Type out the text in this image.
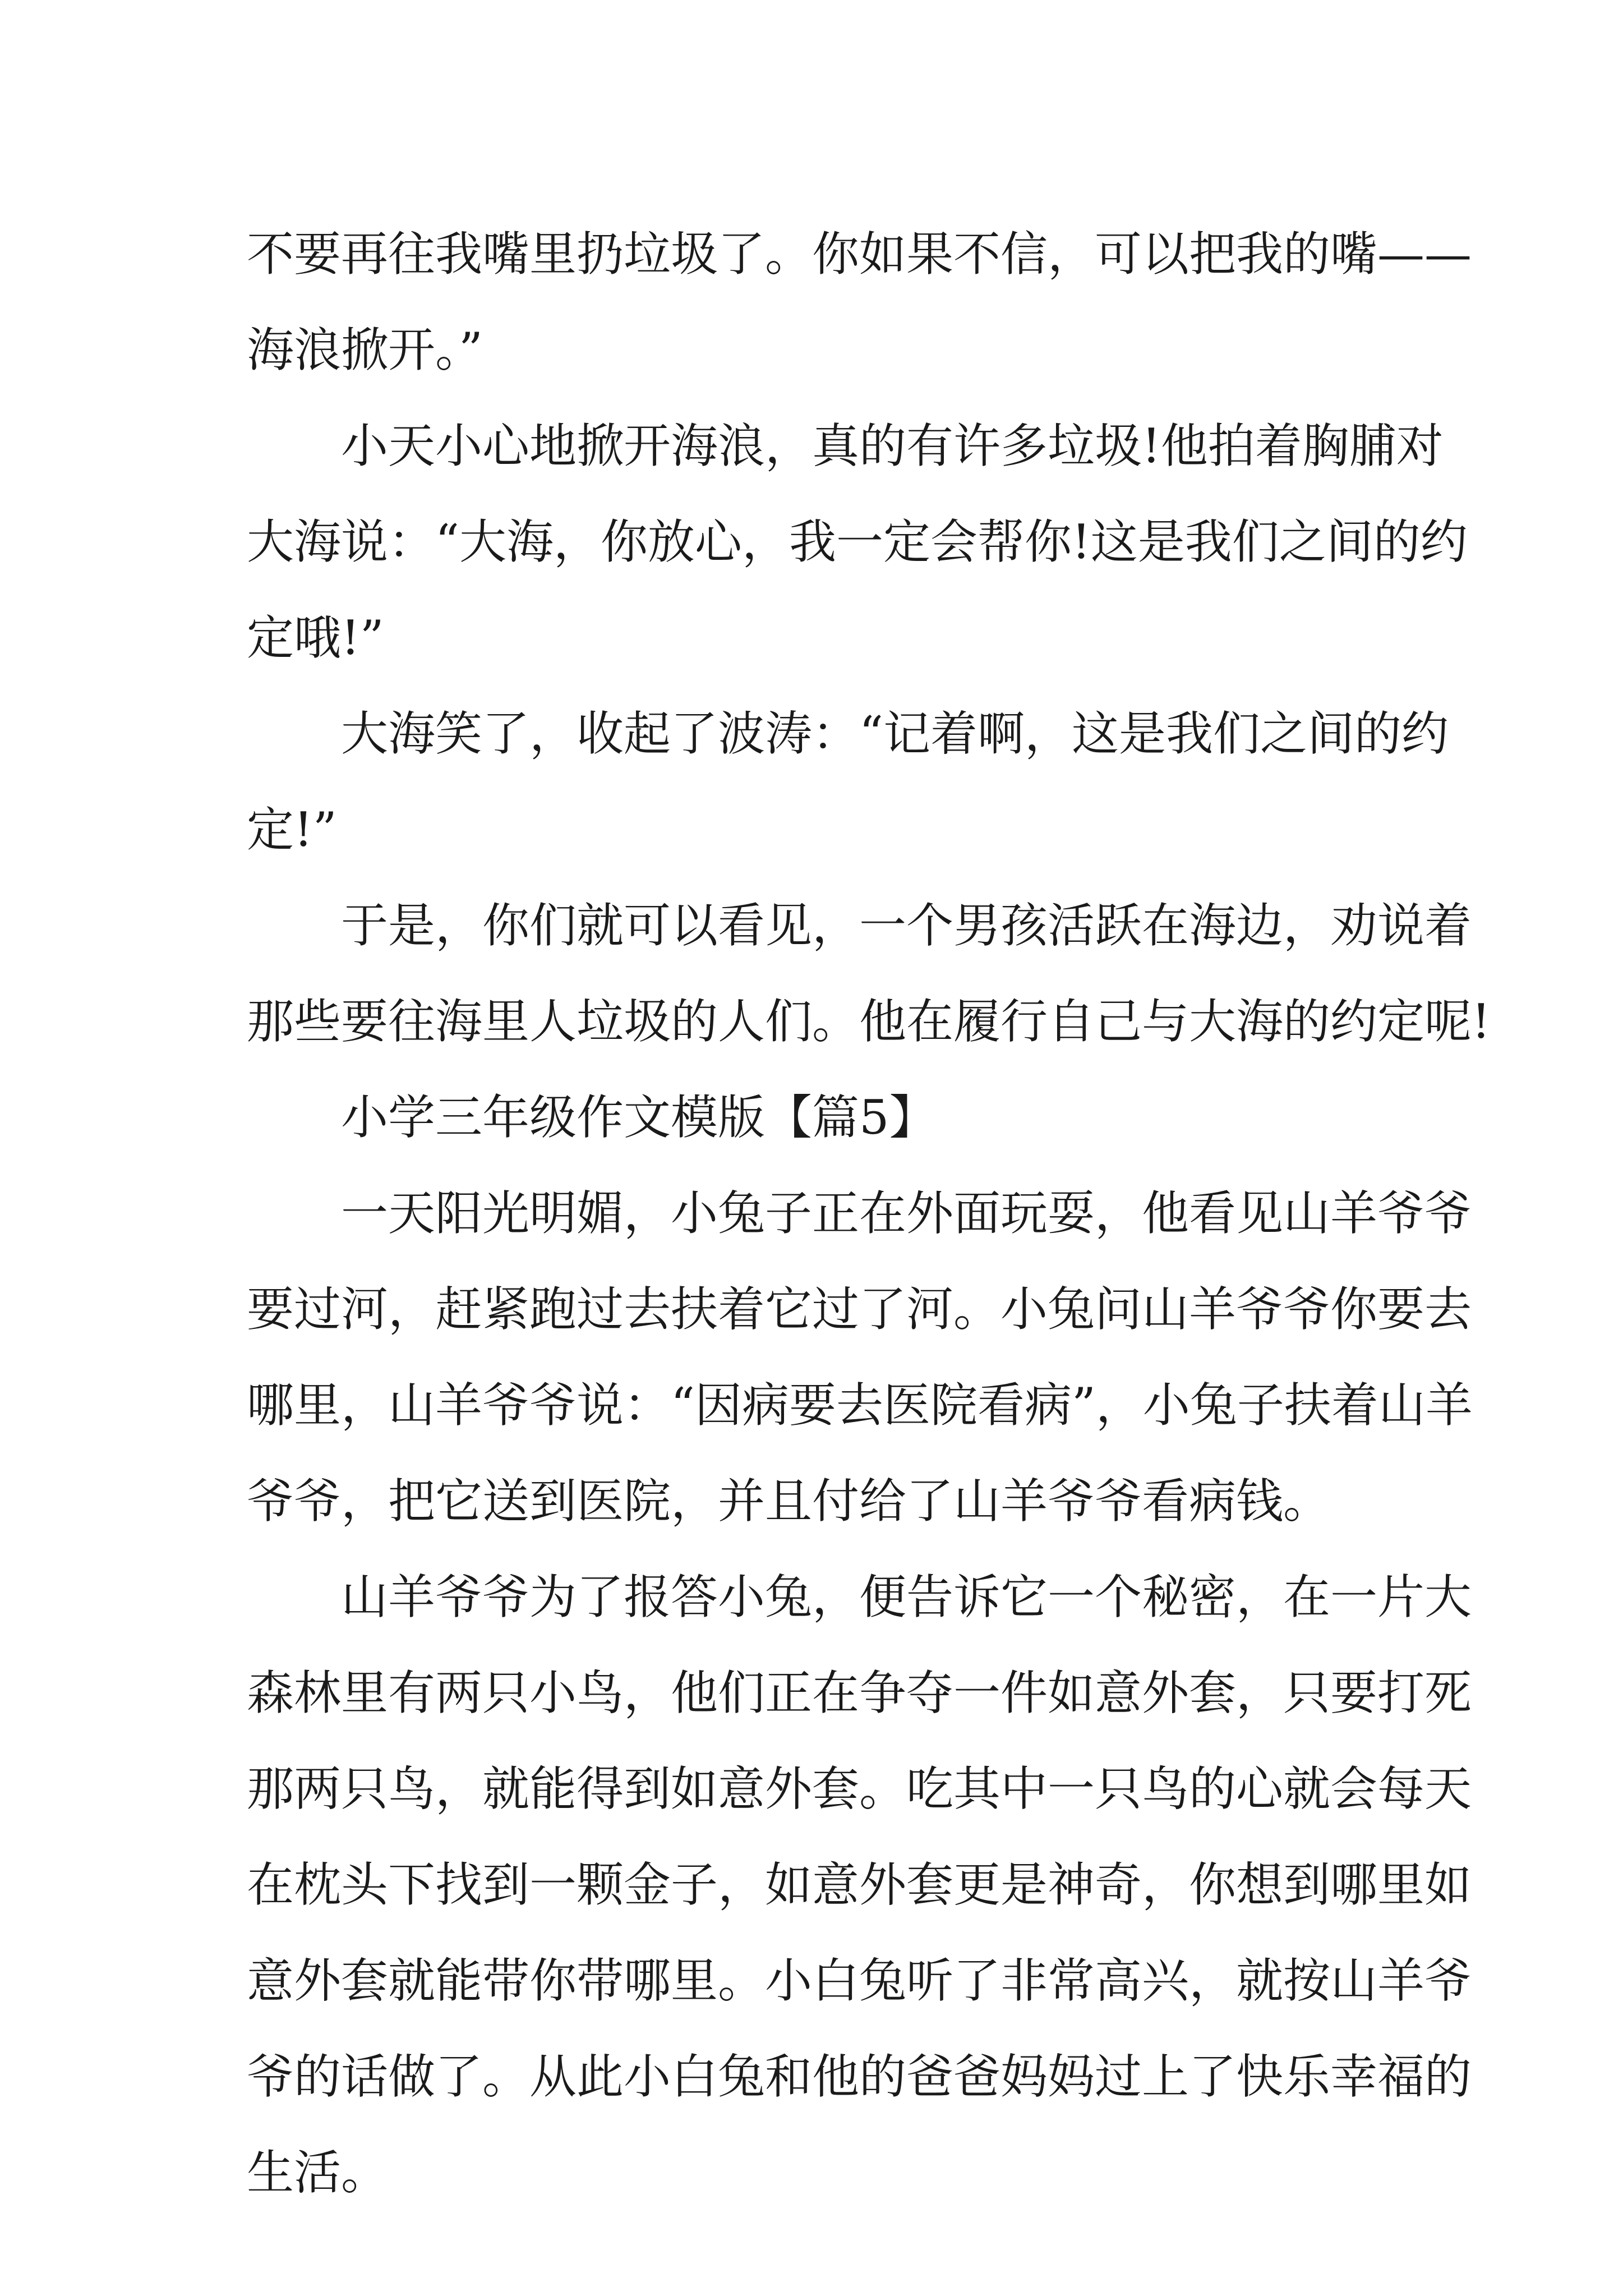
不要再往我嘴里扔垃圾了。你如果不信，可以把我的嘴——
海浪掀开。”
小天小心地掀开海浪，真的有许多垃圾!他拍着胸脯对
大海说：“大海，你放心，我一定会帮你!这是我们之间的约
定哦!”
大海笑了，收起了波涛：“记着啊，这是我们之间的约
定!”
于是，你们就可以看见，一个男孩活跃在海边，劝说着
那些要往海里人垃圾的人们。他在履行自己与大海的约定呢!
小学三年级作文模版【篇5】
一天阳光明媚，小兔子正在外面玩耍，他看见山羊爷爷
要过河，赶紧跑过去扶着它过了河。小兔问山羊爷爷你要去
哪里，山羊爷爷说：“因病要去医院看病”，小兔子扶着山羊
爷爷，把它送到医院，并且付给了山羊爷爷看病钱。
山羊爷爷为了报答小兔，便告诉它一个秘密，在一片大
森林里有两只小鸟，他们正在争夺一件如意外套，只要打死
那两只鸟，就能得到如意外套。吃其中一只鸟的心就会每天
在枕头下找到一颗金子，如意外套更是神奇，你想到哪里如
意外套就能带你带哪里。小白兔听了非常高兴，就按山羊爷
爷的话做了。从此小白兔和他的爸爸妈妈过上了快乐幸福的
生活。
